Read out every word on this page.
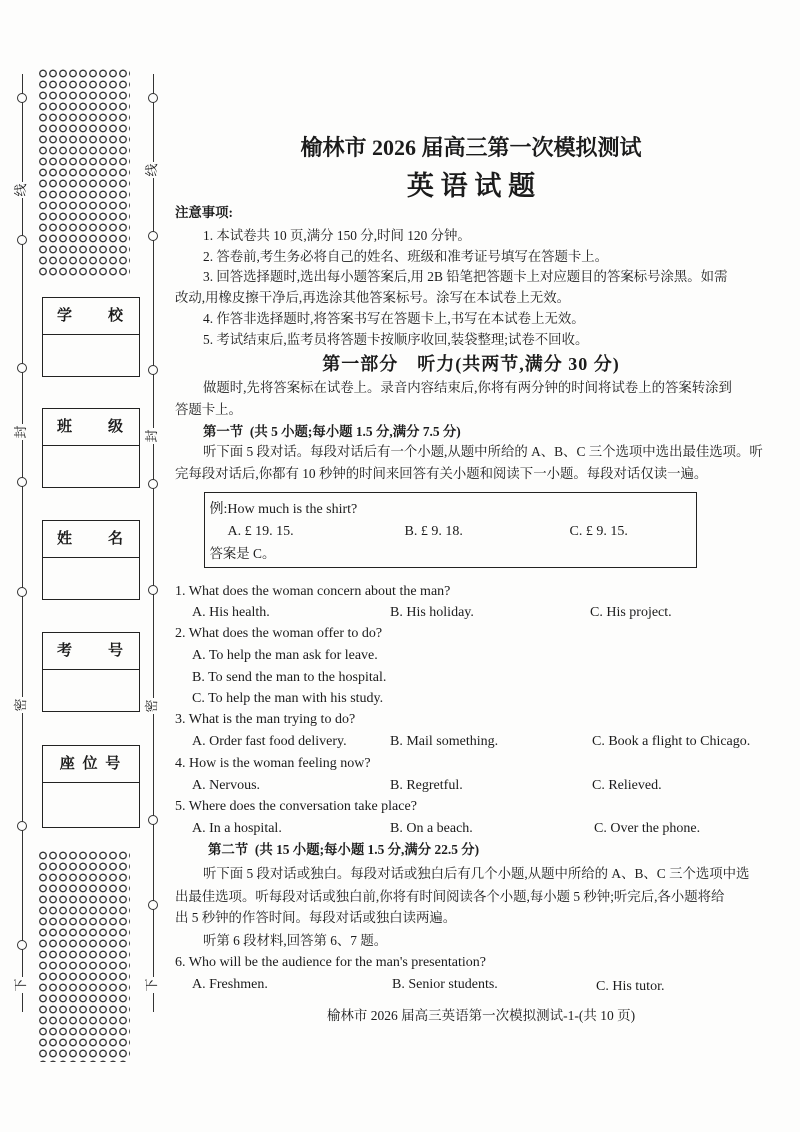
线
封
密
下
线
封
密
下
学　　校
班　　级
姓　　名
考　　号
座 位 号
榆林市 2026 届高三第一次模拟测试
英 语 试 题
注意事项:
1. 本试卷共 10 页,满分 150 分,时间 120 分钟。
2. 答卷前,考生务必将自己的姓名、班级和准考证号填写在答题卡上。
3. 回答选择题时,选出每小题答案后,用 2B 铅笔把答题卡上对应题目的答案标号涂黑。如需
改动,用橡皮擦干净后,再选涂其他答案标号。涂写在本试卷上无效。
4. 作答非选择题时,将答案书写在答题卡上,书写在本试卷上无效。
5. 考试结束后,监考员将答题卡按顺序收回,装袋整理;试卷不回收。
第一部分　听力(共两节,满分 30 分)
做题时,先将答案标在试卷上。录音内容结束后,你将有两分钟的时间将试卷上的答案转涂到
答题卡上。
第一节  (共 5 小题;每小题 1.5 分,满分 7.5 分)
听下面 5 段对话。每段对话后有一个小题,从题中所给的 A、B、C 三个选项中选出最佳选项。听
完每段对话后,你都有 10 秒钟的时间来回答有关小题和阅读下一小题。每段对话仅读一遍。
例:How much is the shirt?
A. £ 19. 15.	B. £ 9. 18.	C. £ 9. 15.
答案是 C。
1. What does the woman concern about the man?
A. His health.	B. His holiday.	C. His project.
2. What does the woman offer to do?
A. To help the man ask for leave.
B. To send the man to the hospital.
C. To help the man with his study.
3. What is the man trying to do?
A. Order fast food delivery.	B. Mail something.	C. Book a flight to Chicago.
4. How is the woman feeling now?
A. Nervous.	B. Regretful.	C. Relieved.
5. Where does the conversation take place?
A. In a hospital.	B. On a beach.	C. Over the phone.
第二节  (共 15 小题;每小题 1.5 分,满分 22.5 分)
听下面 5 段对话或独白。每段对话或独白后有几个小题,从题中所给的 A、B、C 三个选项中选
出最佳选项。听每段对话或独白前,你将有时间阅读各个小题,每小题 5 秒钟;听完后,各小题将给
出 5 秒钟的作答时间。每段对话或独白读两遍。
听第 6 段材料,回答第 6、7 题。
6. Who will be the audience for the man's presentation?
A. Freshmen.	B. Senior students.	C. His tutor.
榆林市 2026 届高三英语第一次模拟测试-1-(共 10 页)
